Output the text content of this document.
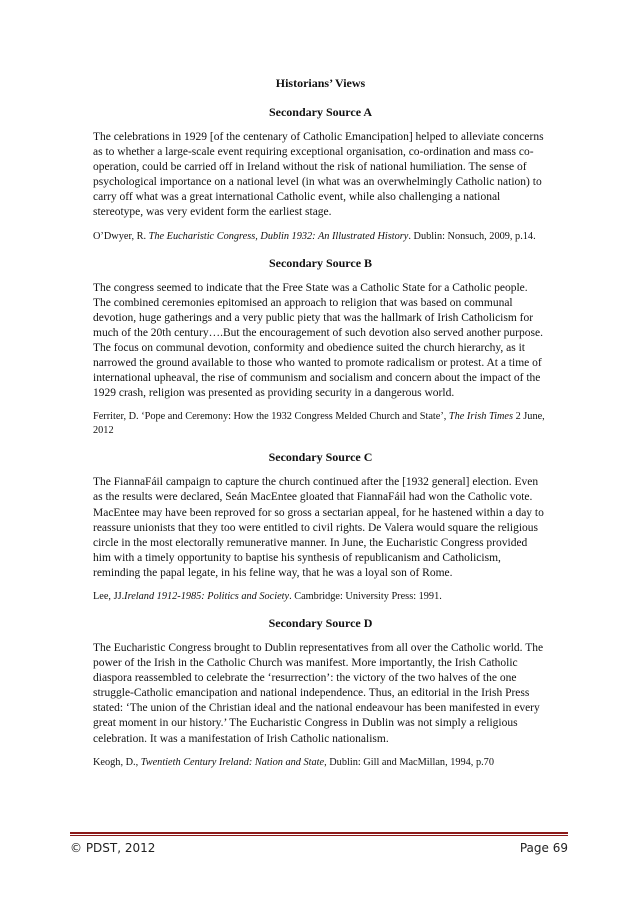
Historians’ Views

Secondary Source A

The celebrations in 1929 [of the centenary of Catholic Emancipation] helped to alleviate concerns as to whether a large-scale event requiring exceptional organisation, co-ordination and mass co-operation, could be carried off in Ireland without the risk of national humiliation. The sense of psychological importance on a national level (in what was an overwhelmingly Catholic nation) to carry off what was a great international Catholic event, while also challenging a national stereotype, was very evident form the earliest stage.

O’Dwyer, R. The Eucharistic Congress, Dublin 1932: An Illustrated History. Dublin: Nonsuch, 2009, p.14.

Secondary Source B

The congress seemed to indicate that the Free State was a Catholic State for a Catholic people. The combined ceremonies epitomised an approach to religion that was based on communal devotion, huge gatherings and a very public piety that was the hallmark of Irish Catholicism for much of the 20th century….But the encouragement of such devotion also served another purpose. The focus on communal devotion, conformity and obedience suited the church hierarchy, as it narrowed the ground available to those who wanted to promote radicalism or protest. At a time of international upheaval, the rise of communism and socialism and concern about the impact of the 1929 crash, religion was presented as providing security in a dangerous world.

Ferriter, D. ‘Pope and Ceremony: How the 1932 Congress Melded Church and State’, The Irish Times 2 June, 2012

Secondary Source C

The FiannaFáil campaign to capture the church continued after the [1932 general] election. Even as the results were declared, Seán MacEntee gloated that FiannaFáil had won the Catholic vote. MacEntee may have been reproved for so gross a sectarian appeal, for he hastened within a day to reassure unionists that they too were entitled to civil rights. De Valera would square the religious circle in the most electorally remunerative manner. In June, the Eucharistic Congress provided him with a timely opportunity to baptise his synthesis of republicanism and Catholicism, reminding the papal legate, in his feline way, that he was a loyal son of Rome.

Lee, JJ.Ireland 1912-1985: Politics and Society. Cambridge: University Press: 1991.

Secondary Source D

The Eucharistic Congress brought to Dublin representatives from all over the Catholic world. The power of the Irish in the Catholic Church was manifest. More importantly, the Irish Catholic diaspora reassembled to celebrate the ‘resurrection’: the victory of the two halves of the one struggle-Catholic emancipation and national independence. Thus, an editorial in the Irish Press stated: ‘The union of the Christian ideal and the national endeavour has been manifested in every great moment in our history.’ The Eucharistic Congress in Dublin was not simply a religious celebration. It was a manifestation of Irish Catholic nationalism.

Keogh, D., Twentieth Century Ireland: Nation and State, Dublin: Gill and MacMillan, 1994, p.70

© PDST, 2012	Page 69
